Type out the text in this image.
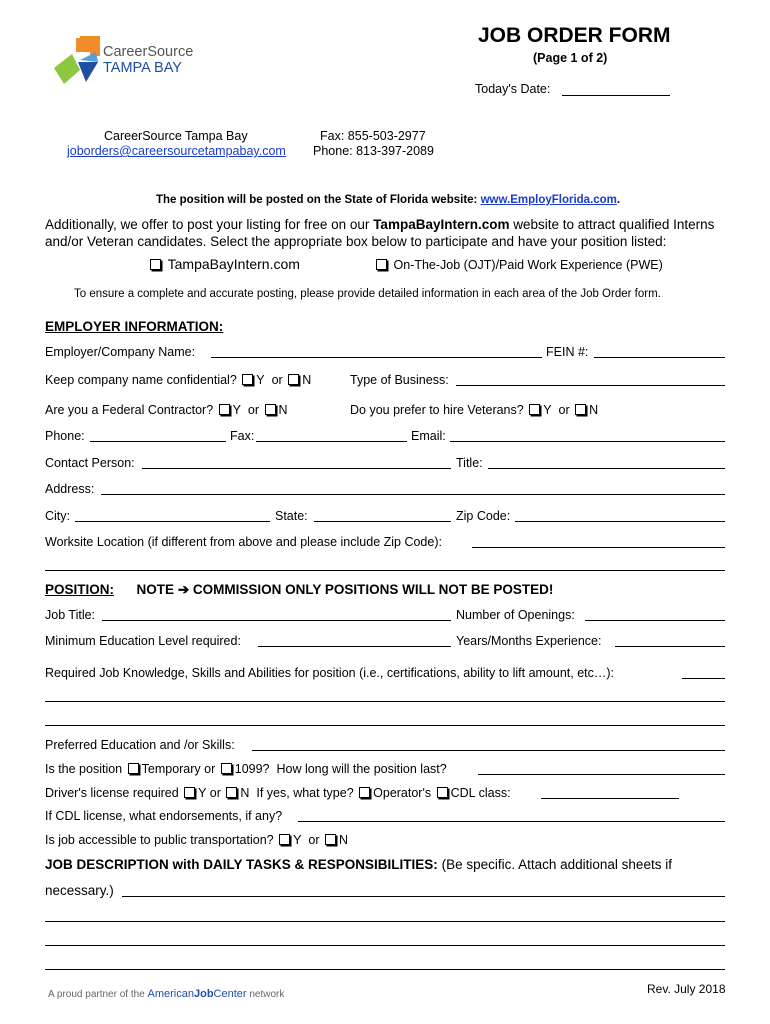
CareerSource
TAMPA BAY
JOB ORDER FORM
(Page 1 of 2)
Today's Date:
CareerSource Tampa Bay
joborders@careersourcetampabay.com
Fax: 855-503-2977
Phone: 813-397-2089
The position will be posted on the State of Florida website: www.EmployFlorida.com.
Additionally, we offer to post your listing for free on our TampaBayIntern.com website to attract qualified Interns
and/or Veteran candidates. Select the appropriate box below to participate and have your position listed:
TampaBayIntern.com	On-The-Job (OJT)/Paid Work Experience (PWE)
To ensure a complete and accurate posting, please provide detailed information in each area of the Job Order form.
EMPLOYER INFORMATION:
Employer/Company Name:	FEIN #:
Keep company name confidential? Y or N	Type of Business:
Are you a Federal Contractor? Y or N	Do you prefer to hire Veterans? Y or N
Phone:	Fax:	Email:
Contact Person:	Title:
Address:
City:	State:	Zip Code:
Worksite Location (if different from above and please include Zip Code):
POSITION: NOTE ➔ COMMISSION ONLY POSITIONS WILL NOT BE POSTED!
Job Title:	Number of Openings:
Minimum Education Level required:	Years/Months Experience:
Required Job Knowledge, Skills and Abilities for position (i.e., certifications, ability to lift amount, etc…):
Preferred Education and /or Skills:
Is the position Temporary or 1099? How long will the position last?
Driver's license required Y or N If yes, what type? Operator's CDL class:
If CDL license, what endorsements, if any?
Is job accessible to public transportation? Y or N
JOB DESCRIPTION with DAILY TASKS & RESPONSIBILITIES: (Be specific. Attach additional sheets if
necessary.)
A proud partner of the AmericanJobCenter network	Rev. July 2018
